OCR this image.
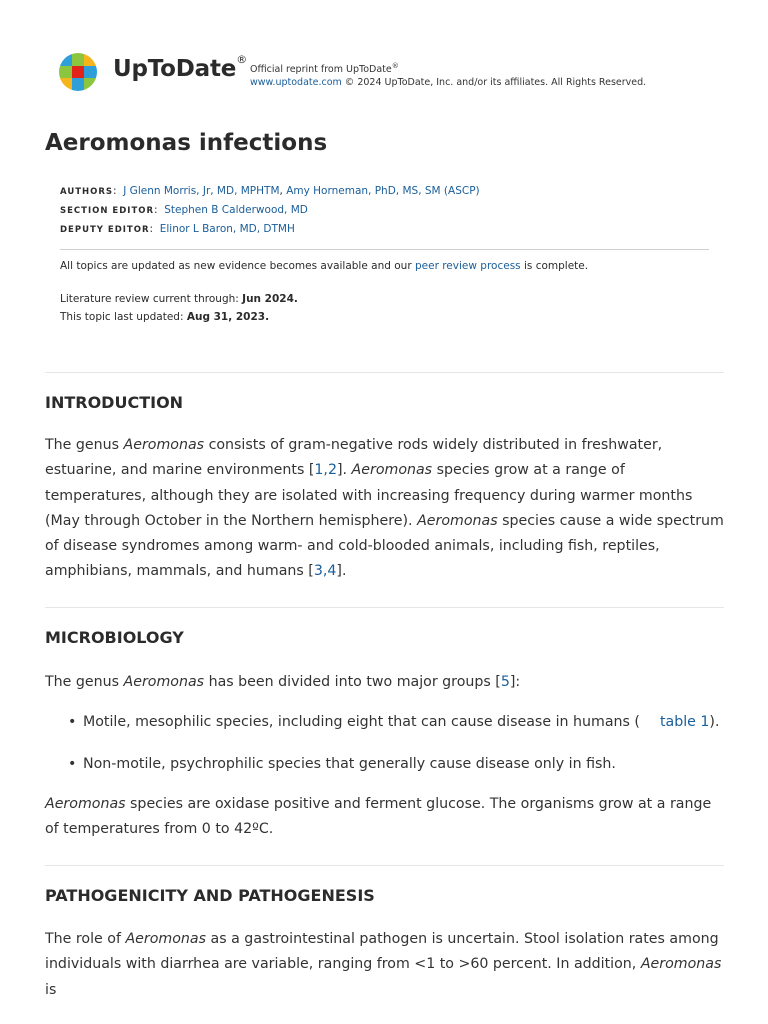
UpToDate®
Official reprint from UpToDate®
www.uptodate.com © 2024 UpToDate, Inc. and/or its affiliates. All Rights Reserved.
Aeromonas infections
AUTHORS:  J Glenn Morris, Jr, MD, MPHTM, Amy Horneman, PhD, MS, SM (ASCP)
SECTION EDITOR:  Stephen B Calderwood, MD
DEPUTY EDITOR:  Elinor L Baron, MD, DTMH
All topics are updated as new evidence becomes available and our peer review process is complete.
Literature review current through: Jun 2024.
This topic last updated: Aug 31, 2023.
INTRODUCTION
The genus Aeromonas consists of gram-negative rods widely distributed in freshwater, estuarine, and marine environments [1,2]. Aeromonas species grow at a range of temperatures, although they are isolated with increasing frequency during warmer months (May through October in the Northern hemisphere). Aeromonas species cause a wide spectrum of disease syndromes among warm- and cold-blooded animals, including fish, reptiles, amphibians, mammals, and humans [3,4].
MICROBIOLOGY
The genus Aeromonas has been divided into two major groups [5]:
• Motile, mesophilic species, including eight that can cause disease in humans ( table 1).
• Non-motile, psychrophilic species that generally cause disease only in fish.
Aeromonas species are oxidase positive and ferment glucose. The organisms grow at a range of temperatures from 0 to 42ºC.
PATHOGENICITY AND PATHOGENESIS
The role of Aeromonas as a gastrointestinal pathogen is uncertain. Stool isolation rates among individuals with diarrhea are variable, ranging from <1 to >60 percent. In addition, Aeromonas is
